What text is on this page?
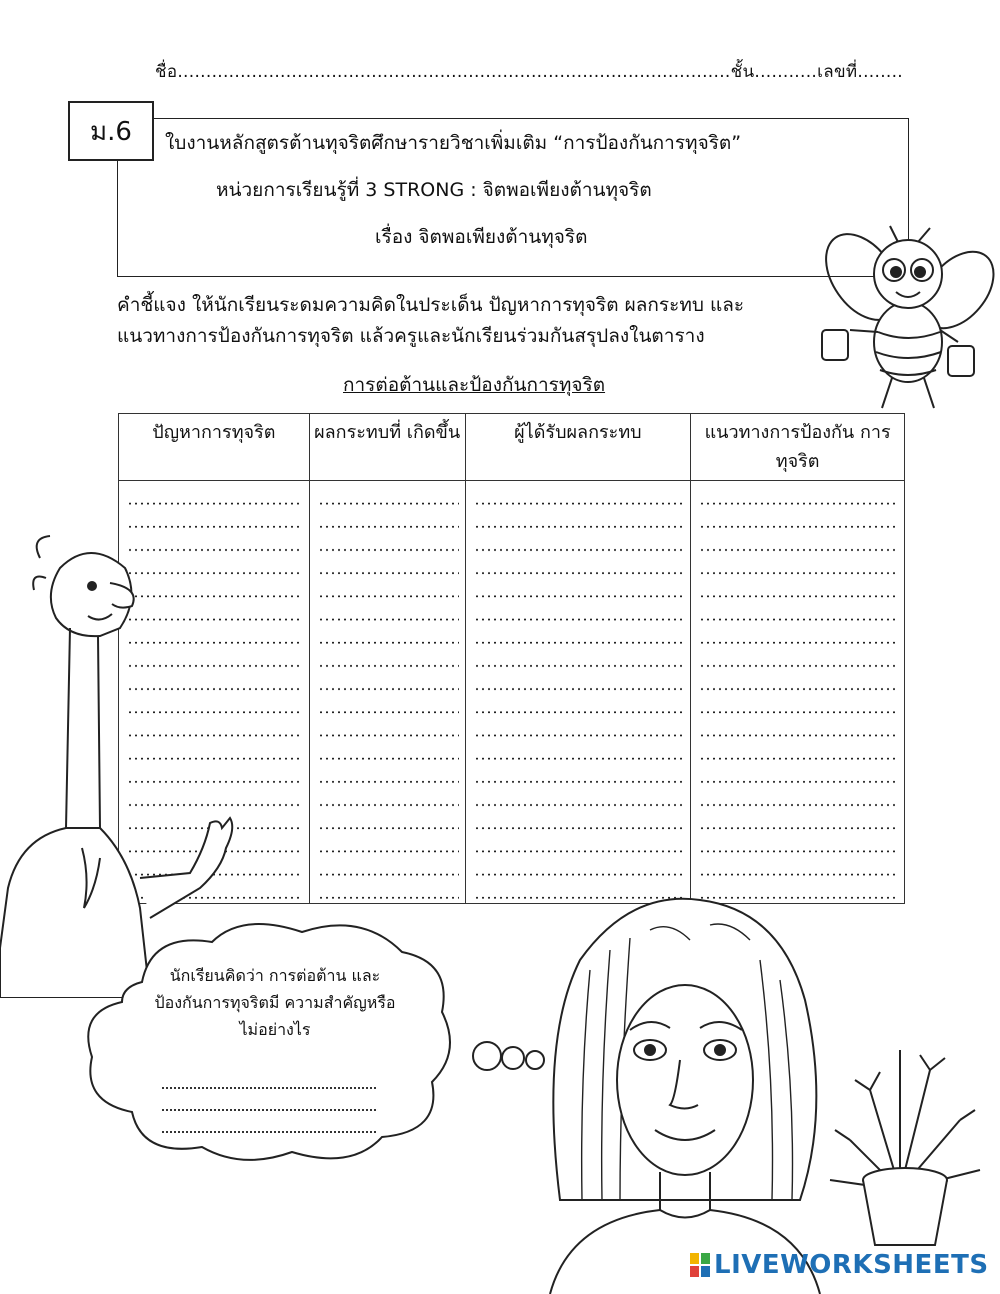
ชื่อ.................................................................................................ชั้น...........เลขที่........
ม.6	ใบงานหลักสูตรต้านทุจริตศึกษารายวิชาเพิ่มเติม “การป้องกันการทุจริต”
หน่วยการเรียนรู้ที่ 3 STRONG : จิตพอเพียงต้านทุจริต
เรื่อง จิตพอเพียงต้านทุจริต
คำชี้แจง ให้นักเรียนระดมความคิดในประเด็น ปัญหาการทุจริต ผลกระทบ และ
แนวทางการป้องกันการทุจริต แล้วครูและนักเรียนร่วมกันสรุปลงในตาราง
การต่อต้านและป้องกันการทุจริต
ปัญหาการทุจริต	ผลกระทบที่ เกิดขึ้น	ผู้ได้รับผลกระทบ	แนวทางการป้องกัน การทุจริต

นักเรียนคิดว่า การต่อต้าน และป้องกันการทุจริตมี ความสำคัญหรือไม่อย่างไร
LIVEWORKSHEETS
